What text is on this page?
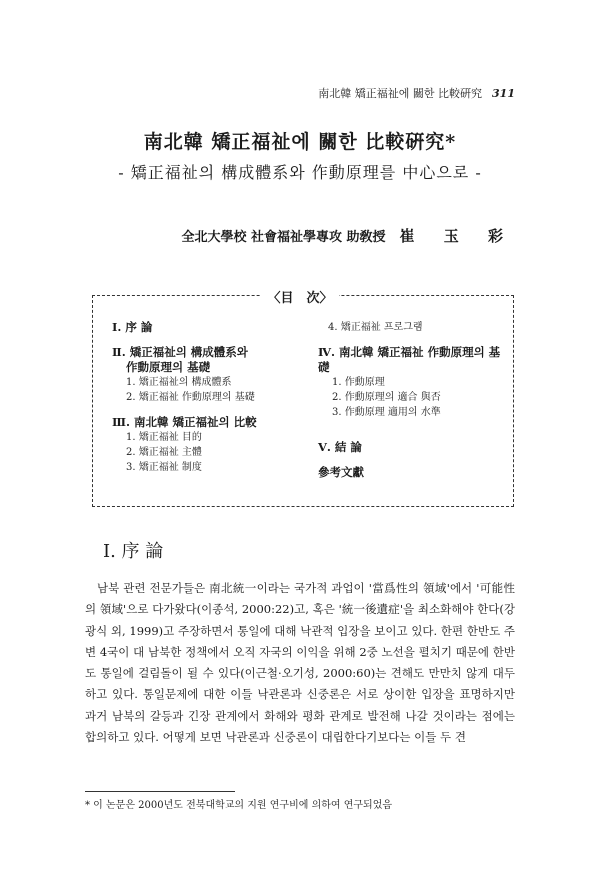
南北韓 矯正福祉에 關한 比較硏究 311
南北韓 矯正福祉에 關한 比較硏究*
- 矯正福祉의 構成體系와 作動原理를 中心으로 -
全北大學校 社會福祉學專攻 助敎授 崔 玉 彩
〈目　次〉
Ⅰ. 序 論
Ⅱ. 矯正福祉의 構成體系와
作動原理의 基礎
1. 矯正福祉의 構成體系
2. 矯正福祉 作動原理의 基礎
Ⅲ. 南北韓 矯正福祉의 比較
1. 矯正福祉 目的
2. 矯正福祉 主體
3. 矯正福祉 制度
4. 矯正福祉 프로그램
Ⅳ. 南北韓 矯正福祉 作動原理의 基礎
1. 作動原理
2. 作動原理의 適合 與否
3. 作動原理 適用의 水準
Ⅴ. 結 論
參考文獻
Ⅰ. 序 論
남북 관련 전문가들은 南北統一이라는 국가적 과업이 '當爲性의 領域'에서 '可能性의 領域'으로 다가왔다(이종석, 2000:22)고, 혹은 '統一後遺症'을 최소화해야 한다(강광식 외, 1999)고 주장하면서 통일에 대해 낙관적 입장을 보이고 있다. 한편 한반도 주변 4국이 대 남북한 정책에서 오직 자국의 이익을 위해 2중 노선을 펼치기 때문에 한반도 통일에 걸림돌이 될 수 있다(이근철·오기성, 2000:60)는 견해도 만만치 않게 대두하고 있다. 통일문제에 대한 이들 낙관론과 신중론은 서로 상이한 입장을 표명하지만 과거 남북의 갈등과 긴장 관계에서 화해와 평화 관계로 발전해 나갈 것이라는 점에는 합의하고 있다. 어떻게 보면 낙관론과 신중론이 대립한다기보다는 이들 두 견
* 이 논문은 2000년도 전북대학교의 지원 연구비에 의하여 연구되었음
